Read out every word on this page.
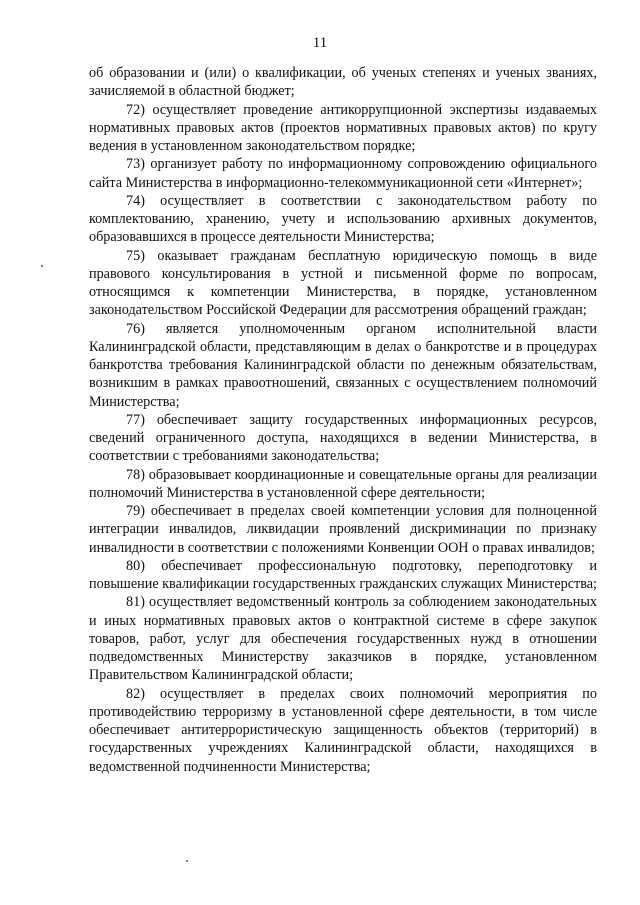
11

об образовании и (или) о квалификации, об ученых степенях и ученых званиях, зачисляемой в областной бюджет;

72) осуществляет проведение антикоррупционной экспертизы издаваемых нормативных правовых актов (проектов нормативных правовых актов) по кругу ведения в установленном законодательством порядке;

73) организует работу по информационному сопровождению официального сайта Министерства в информационно-телекоммуникационной сети «Интернет»;

74) осуществляет в соответствии с законодательством работу по комплектованию, хранению, учету и использованию архивных документов, образовавшихся в процессе деятельности Министерства;

75) оказывает гражданам бесплатную юридическую помощь в виде правового консультирования в устной и письменной форме по вопросам, относящимся к компетенции Министерства, в порядке, установленном законодательством Российской Федерации для рассмотрения обращений граждан;

76) является уполномоченным органом исполнительной власти Калининградской области, представляющим в делах о банкротстве и в процедурах банкротства требования Калининградской области по денежным обязательствам, возникшим в рамках правоотношений, связанных с осуществлением полномочий Министерства;

77) обеспечивает защиту государственных информационных ресурсов, сведений ограниченного доступа, находящихся в ведении Министерства, в соответствии с требованиями законодательства;

78) образовывает координационные и совещательные органы для реализации полномочий Министерства в установленной сфере деятельности;

79) обеспечивает в пределах своей компетенции условия для полноценной интеграции инвалидов, ликвидации проявлений дискриминации по признаку инвалидности в соответствии с положениями Конвенции ООН о правах инвалидов;

80) обеспечивает профессиональную подготовку, переподготовку и повышение квалификации государственных гражданских служащих Министерства;

81) осуществляет ведомственный контроль за соблюдением законодательных и иных нормативных правовых актов о контрактной системе в сфере закупок товаров, работ, услуг для обеспечения государственных нужд в отношении подведомственных Министерству заказчиков в порядке, установленном Правительством Калининградской области;

82) осуществляет в пределах своих полномочий мероприятия по противодействию терроризму в установленной сфере деятельности, в том числе обеспечивает антитеррористическую защищенность объектов (территорий) в государственных учреждениях Калининградской области, находящихся в ведомственной подчиненности Министерства;
